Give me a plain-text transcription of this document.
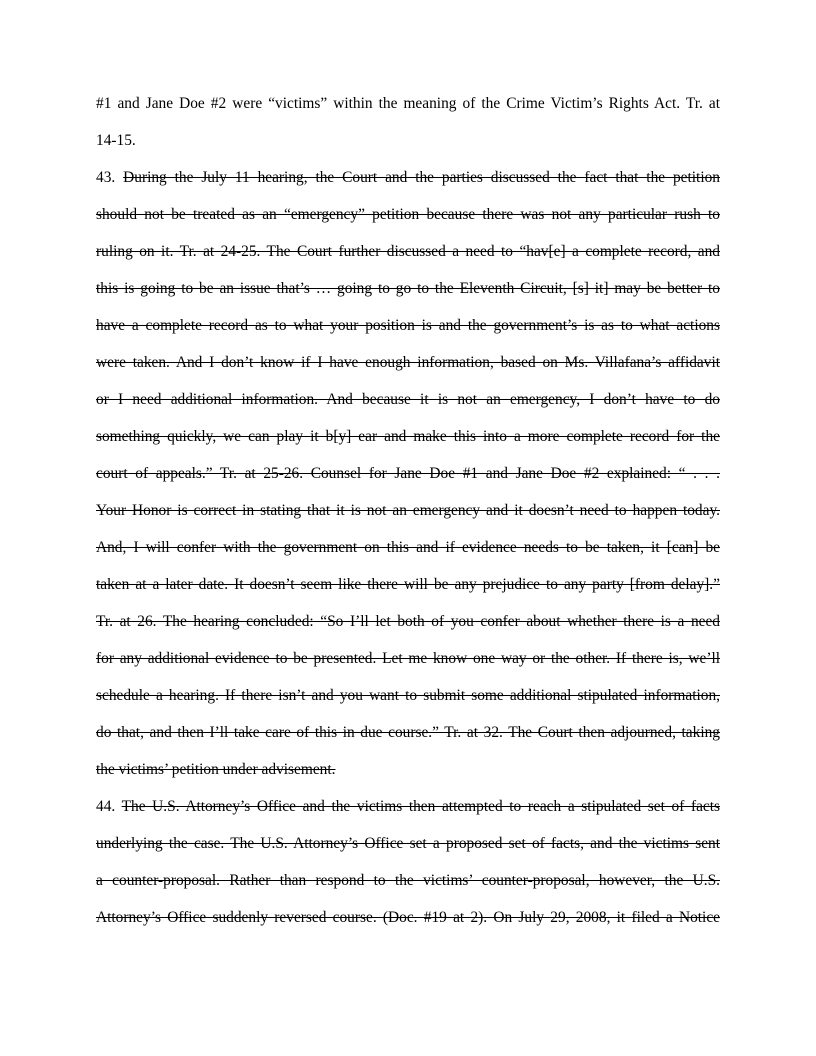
#1 and Jane Doe #2 were “victims” within the meaning of the Crime Victim’s Rights Act. Tr. at
14-15.
43. During the July 11 hearing, the Court and the parties discussed the fact that the petition
should not be treated as an “emergency” petition because there was not any particular rush to
ruling on it. Tr. at 24-25. The Court further discussed a need to “hav[e] a complete record, and
this is going to be an issue that’s … going to go to the Eleventh Circuit, [s] it] may be better to
have a complete record as to what your position is and the government’s is as to what actions
were taken. And I don’t know if I have enough information, based on Ms. Villafana’s affidavit
or I need additional information. And because it is not an emergency, I don’t have to do
something quickly, we can play it b[y] ear and make this into a more complete record for the
court of appeals.” Tr. at 25-26. Counsel for Jane Doe #1 and Jane Doe #2 explained: “ . . .
Your Honor is correct in stating that it is not an emergency and it doesn’t need to happen today.
And, I will confer with the government on this and if evidence needs to be taken, it [can] be
taken at a later date. It doesn’t seem like there will be any prejudice to any party [from delay].”
Tr. at 26. The hearing concluded: “So I’ll let both of you confer about whether there is a need
for any additional evidence to be presented. Let me know one way or the other. If there is, we’ll
schedule a hearing. If there isn’t and you want to submit some additional stipulated information,
do that, and then I’ll take care of this in due course.” Tr. at 32. The Court then adjourned, taking
the victims’ petition under advisement.
44. The U.S. Attorney’s Office and the victims then attempted to reach a stipulated set of facts
underlying the case. The U.S. Attorney’s Office set a proposed set of facts, and the victims sent
a counter-proposal. Rather than respond to the victims’ counter-proposal, however, the U.S.
Attorney’s Office suddenly reversed course. (Doc. #19 at 2). On July 29, 2008, it filed a Notice
